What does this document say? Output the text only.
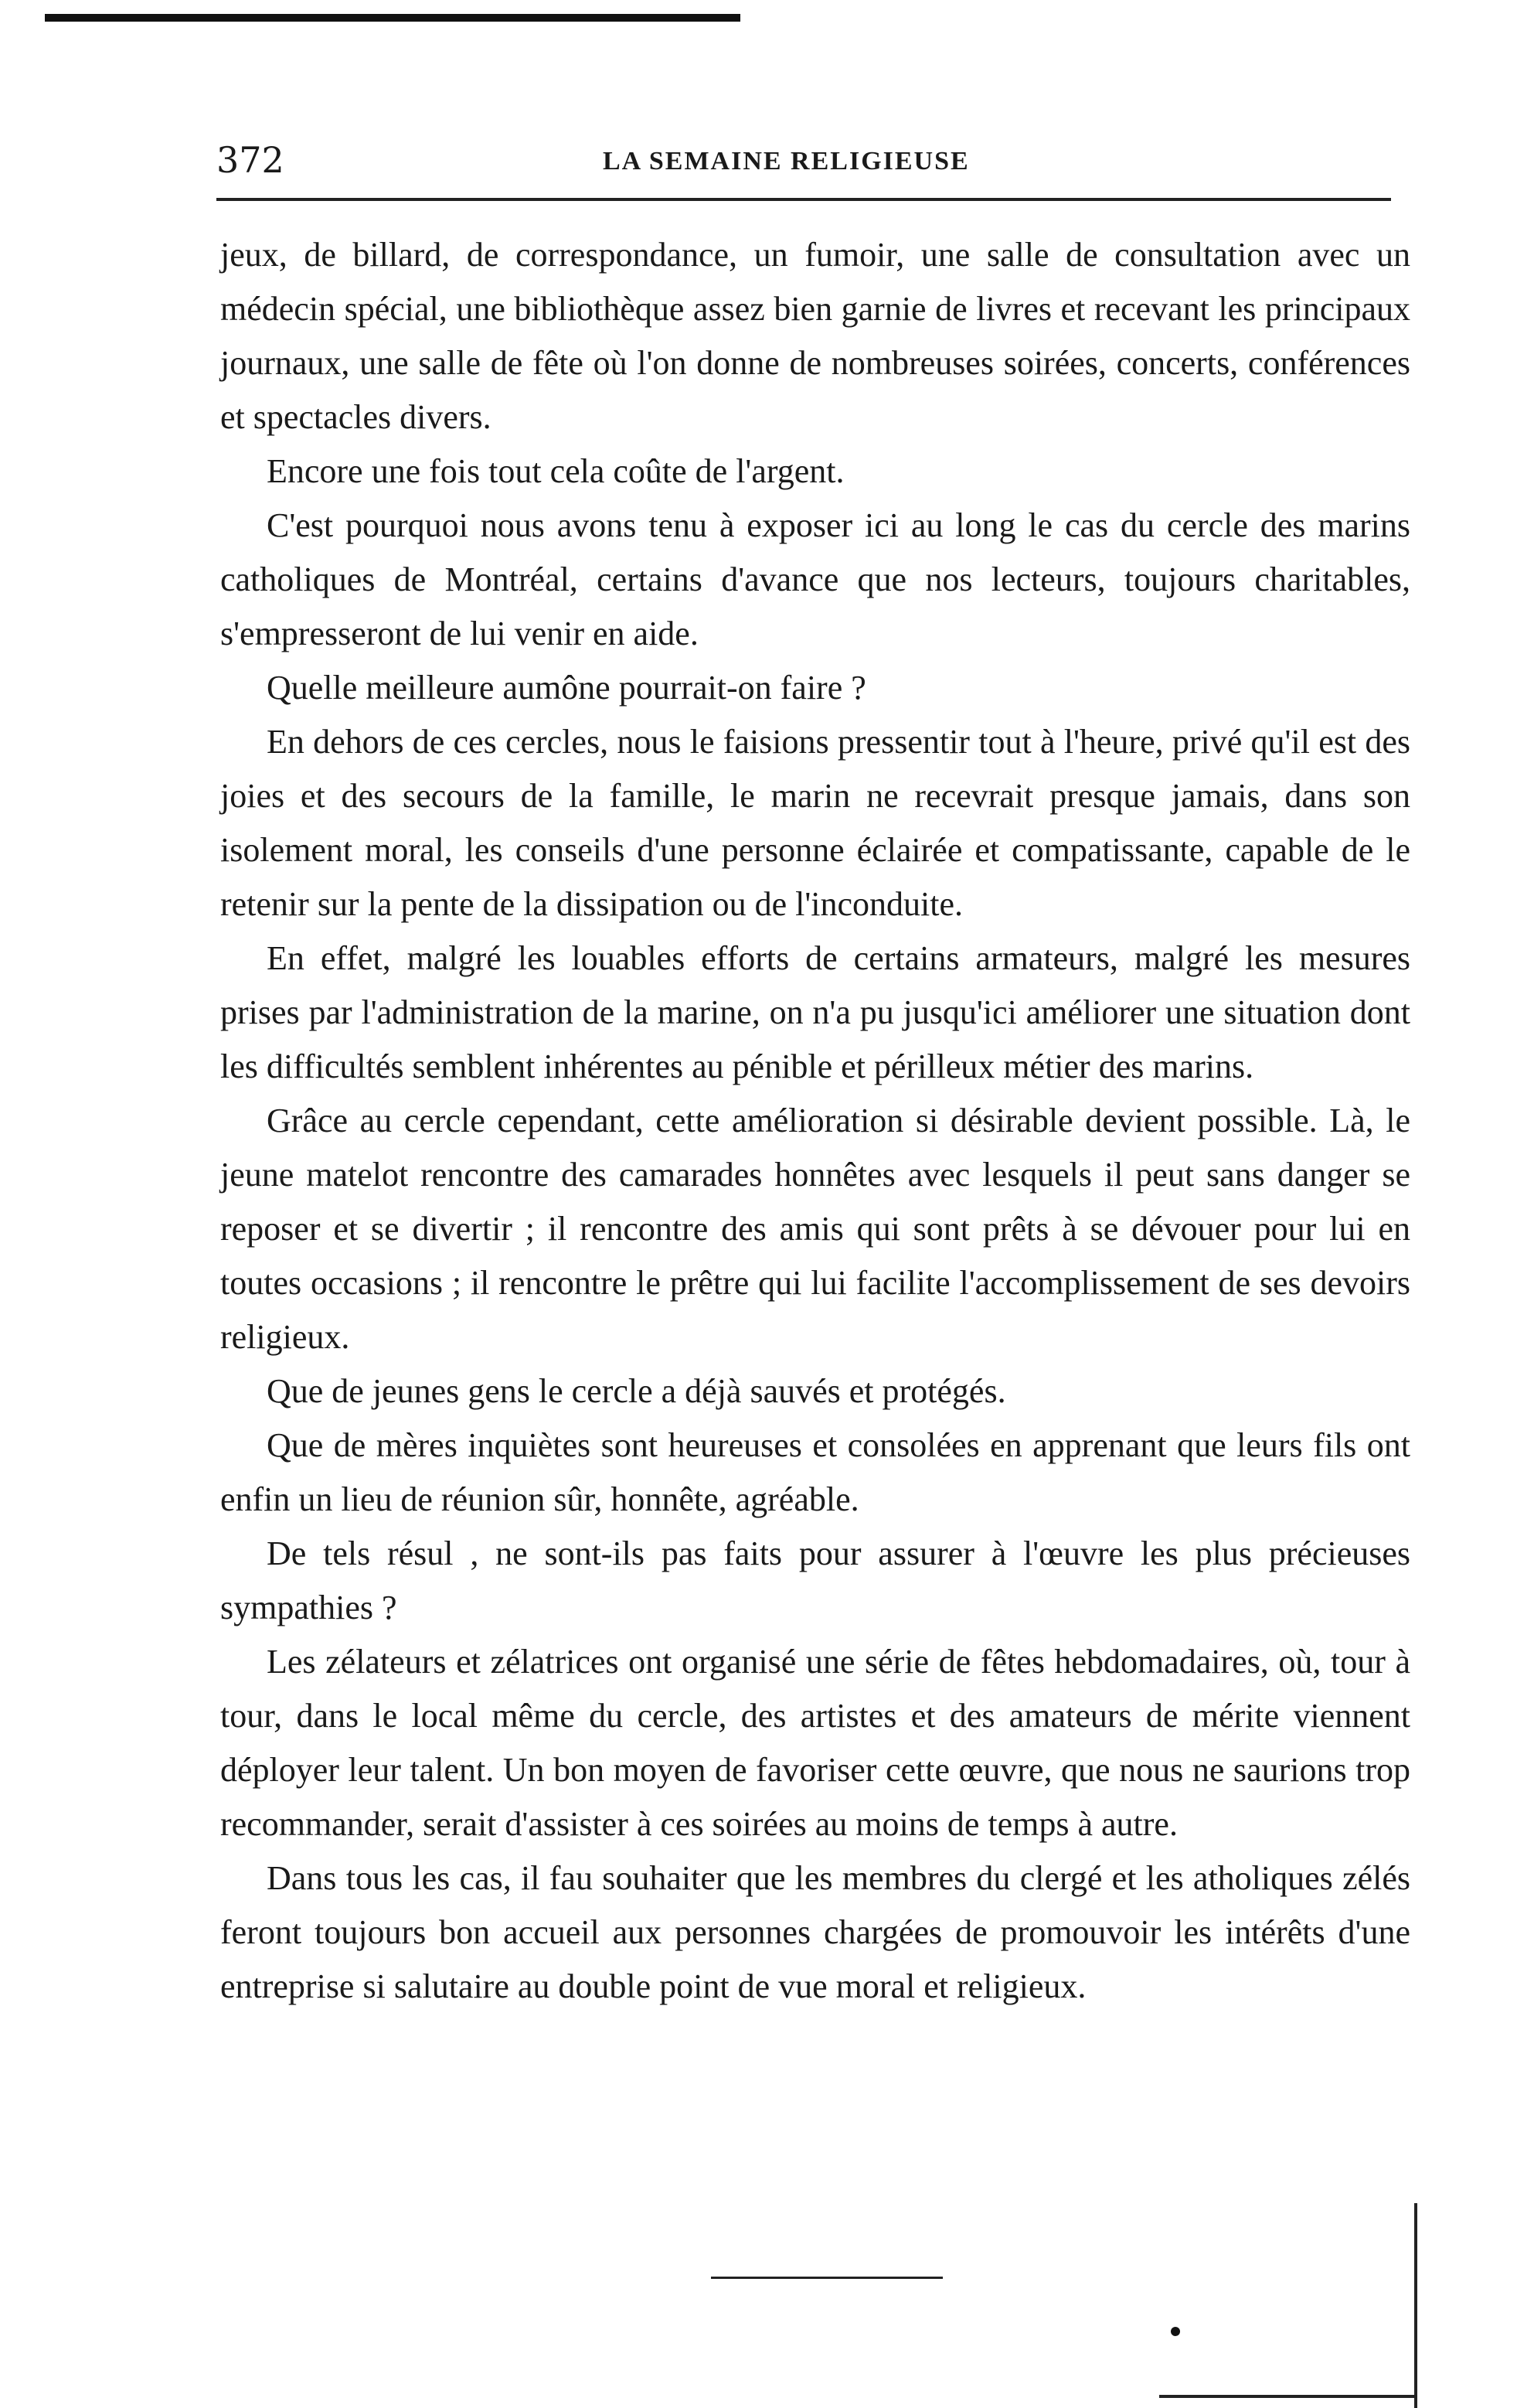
372	LA SEMAINE RELIGIEUSE

jeux, de billard, de correspondance, un fumoir, une salle de consultation avec un médecin spécial, une bibliothèque assez bien garnie de livres et recevant les principaux journaux, une salle de fête où l'on donne de nombreuses soirées, concerts, conférences et spectacles divers.

Encore une fois tout cela coûte de l'argent.

C'est pourquoi nous avons tenu à exposer ici au long le cas du cercle des marins catholiques de Montréal, certains d'avance que nos lecteurs, toujours charitables, s'empresseront de lui venir en aide.

Quelle meilleure aumône pourrait-on faire ?

En dehors de ces cercles, nous le faisions pressentir tout à l'heure, privé qu'il est des joies et des secours de la famille, le marin ne recevrait presque jamais, dans son isolement moral, les conseils d'une personne éclairée et compatissante, capable de le retenir sur la pente de la dissipation ou de l'inconduite.

En effet, malgré les louables efforts de certains armateurs, malgré les mesures prises par l'administration de la marine, on n'a pu jusqu'ici améliorer une situation dont les difficultés semblent inhérentes au pénible et périlleux métier des marins.

Grâce au cercle cependant, cette amélioration si désirable devient possible. Là, le jeune matelot rencontre des camarades honnêtes avec lesquels il peut sans danger se reposer et se divertir ; il rencontre des amis qui sont prêts à se dévouer pour lui en toutes occasions ; il rencontre le prêtre qui lui facilite l'accomplissement de ses devoirs religieux.

Que de jeunes gens le cercle a déjà sauvés et protégés.

Que de mères inquiètes sont heureuses et consolées en apprenant que leurs fils ont enfin un lieu de réunion sûr, honnête, agréable.

De tels résul , ne sont-ils pas faits pour assurer à l'œuvre les plus précieuses sympathies ?

Les zélateurs et zélatrices ont organisé une série de fêtes hebdomadaires, où, tour à tour, dans le local même du cercle, des artistes et des amateurs de mérite viennent déployer leur talent. Un bon moyen de favoriser cette œuvre, que nous ne saurions trop recommander, serait d'assister à ces soirées au moins de temps à autre.

Dans tous les cas, il fau souhaiter que les membres du clergé et les atholiques zélés feront toujours bon accueil aux personnes chargées de promouvoir les intérêts d'une entreprise si salutaire au double point de vue moral et religieux.
